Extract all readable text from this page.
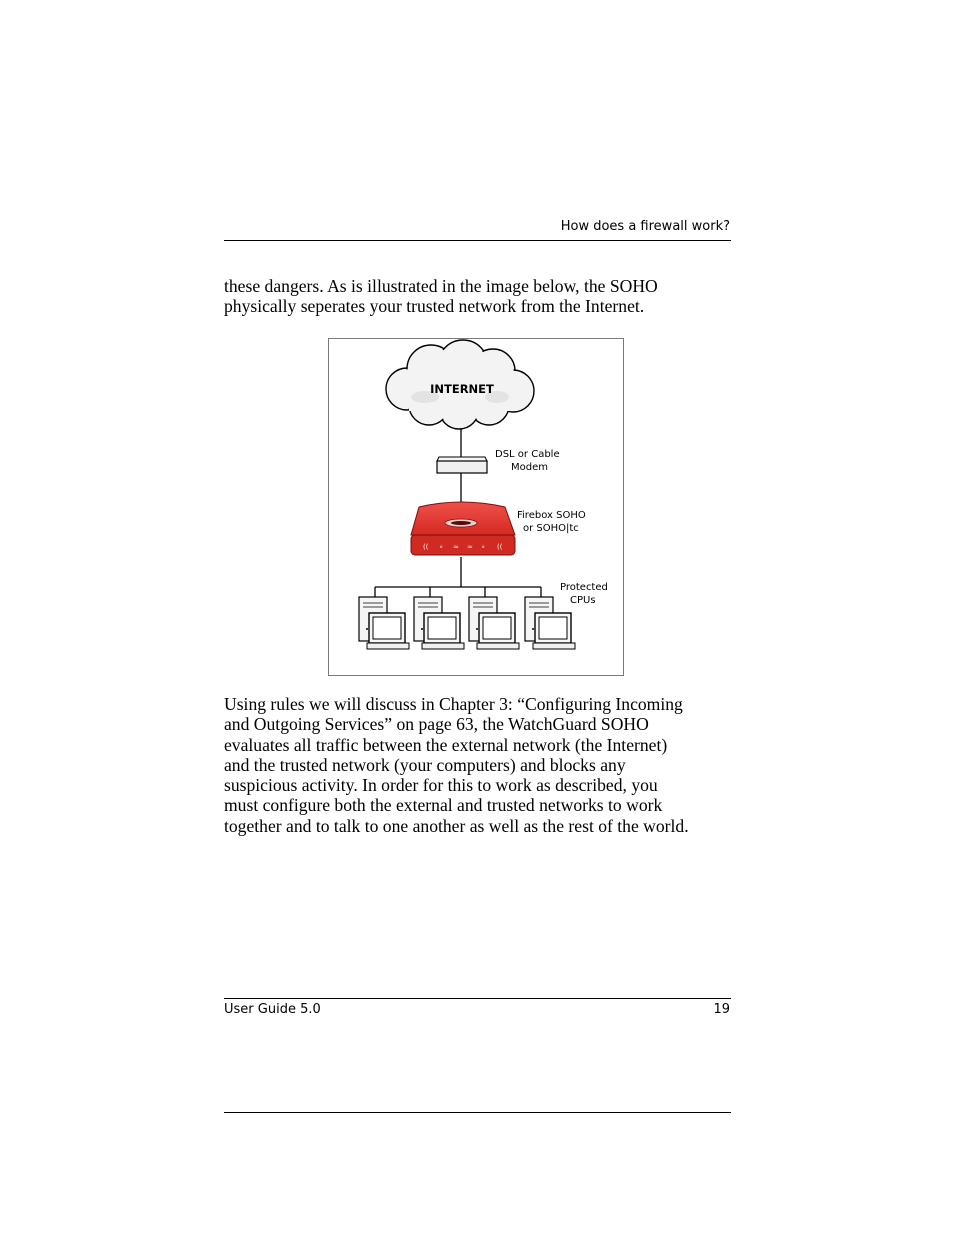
How does a firewall work?
these dangers. As is illustrated in the image below, the SOHO
physically seperates your trusted network from the Internet.
INTERNET
DSL or Cable
Modem
(( ∘ ≈ ≈ ∘ ((
Firebox SOHO
or SOHO|tc
Protected
CPUs
Using rules we will discuss in Chapter 3: “Configuring Incoming
and Outgoing Services” on page 63, the WatchGuard SOHO
evaluates all traffic between the external network (the Internet)
and the trusted network (your computers) and blocks any
suspicious activity. In order for this to work as described, you
must configure both the external and trusted networks to work
together and to talk to one another as well as the rest of the world.
User Guide 5.0	19
